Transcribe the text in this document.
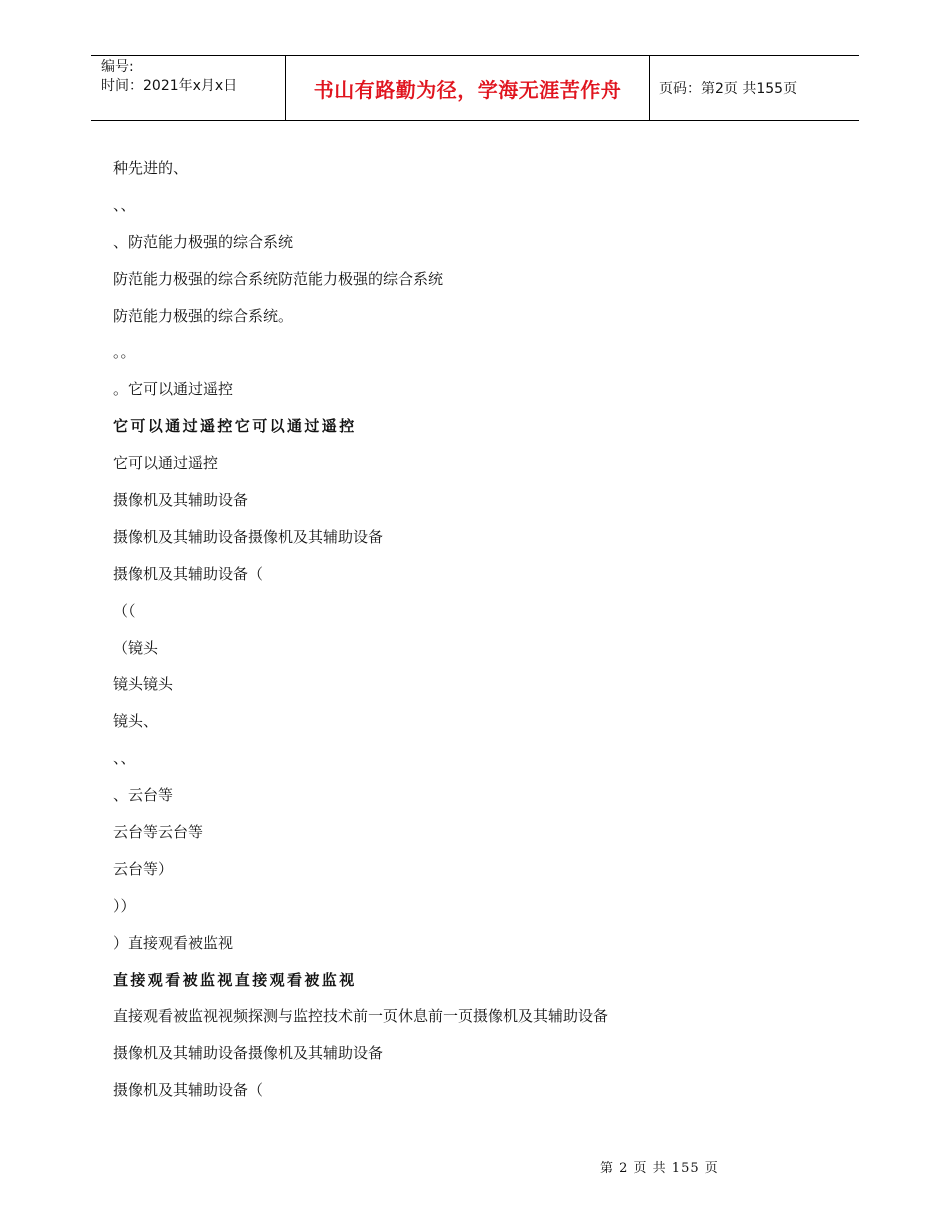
编号:
时间：2021年x月x日	书山有路勤为径，学海无涯苦作舟	页码：第2页 共155页
种先进的、
、、
、防范能力极强的综合系统
防范能力极强的综合系统防范能力极强的综合系统
防范能力极强的综合系统。
。。
。它可以通过遥控
它可以通过遥控它可以通过遥控
它可以通过遥控
摄像机及其辅助设备
摄像机及其辅助设备摄像机及其辅助设备
摄像机及其辅助设备（
（（
（镜头
镜头镜头
镜头、
、、
、云台等
云台等云台等
云台等）
））
）直接观看被监视
直接观看被监视直接观看被监视
直接观看被监视视频探测与监控技术前一页休息前一页摄像机及其辅助设备
摄像机及其辅助设备摄像机及其辅助设备
摄像机及其辅助设备（
第 2 页 共 155 页
